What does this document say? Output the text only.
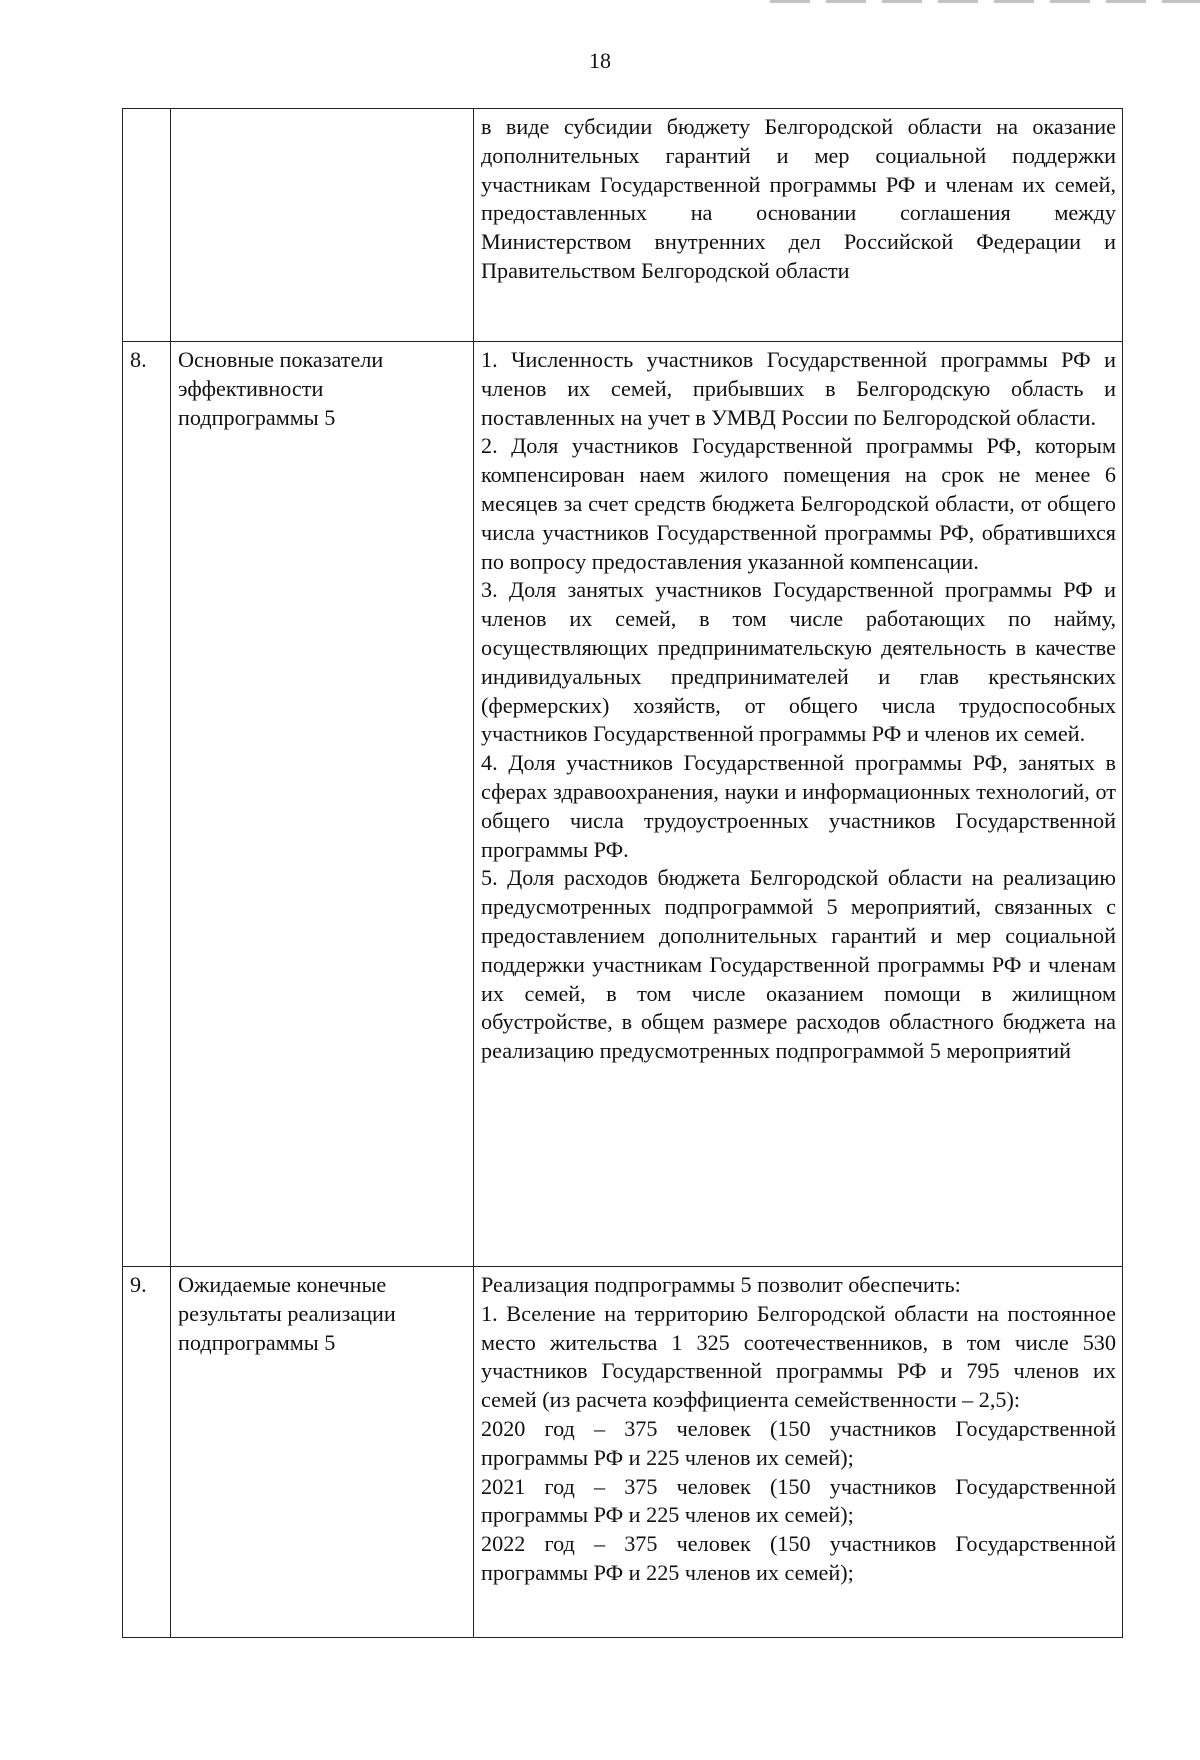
18

		в виде субсидии бюджету Белгородской области на оказание дополнительных гарантий и мер социальной поддержки участникам Государственной программы РФ и членам их семей, предоставленных на основании соглашения между Министерством внутренних дел Российской Федерации и Правительством Белгородской области

8.	Основные показатели эффективности подпрограммы 5	1. Численность участников Государственной программы РФ и членов их семей, прибывших в Белгородскую область и поставленных на учет в УМВД России по Белгородской области.

2. Доля участников Государственной программы РФ, которым компенсирован наем жилого помещения на срок не менее 6 месяцев за счет средств бюджета Белгородской области, от общего числа участников Государственной программы РФ, обратившихся по вопросу предоставления указанной компенсации.

3. Доля занятых участников Государственной программы РФ и членов их семей, в том числе работающих по найму, осуществляющих предпринимательскую деятельность в качестве индивидуальных предпринимателей и глав крестьянских (фермерских) хозяйств, от общего числа трудоспособных участников Государственной программы РФ и членов их семей.

4. Доля участников Государственной программы РФ, занятых в сферах здравоохранения, науки и информационных технологий, от общего числа трудоустроенных участников Государственной программы РФ.

5. Доля расходов бюджета Белгородской области на реализацию предусмотренных подпрограммой 5 мероприятий, связанных с предоставлением дополнительных гарантий и мер социальной поддержки участникам Государственной программы РФ и членам их семей, в том числе оказанием помощи в жилищном обустройстве, в общем размере расходов областного бюджета на реализацию предусмотренных подпрограммой 5 мероприятий

9.	Ожидаемые конечные результаты реализации подпрограммы 5	Реализация подпрограммы 5 позволит обеспечить:

1. Вселение на территорию Белгородской области на постоянное место жительства 1 325 соотечественников, в том числе 530 участников Государственной программы РФ и 795 членов их семей (из расчета коэффициента семейственности – 2,5):

2020 год – 375 человек (150 участников Государственной программы РФ и 225 членов их семей);

2021 год – 375 человек (150 участников Государственной программы РФ и 225 членов их семей);

2022 год – 375 человек (150 участников Государственной программы РФ и 225 членов их семей);
